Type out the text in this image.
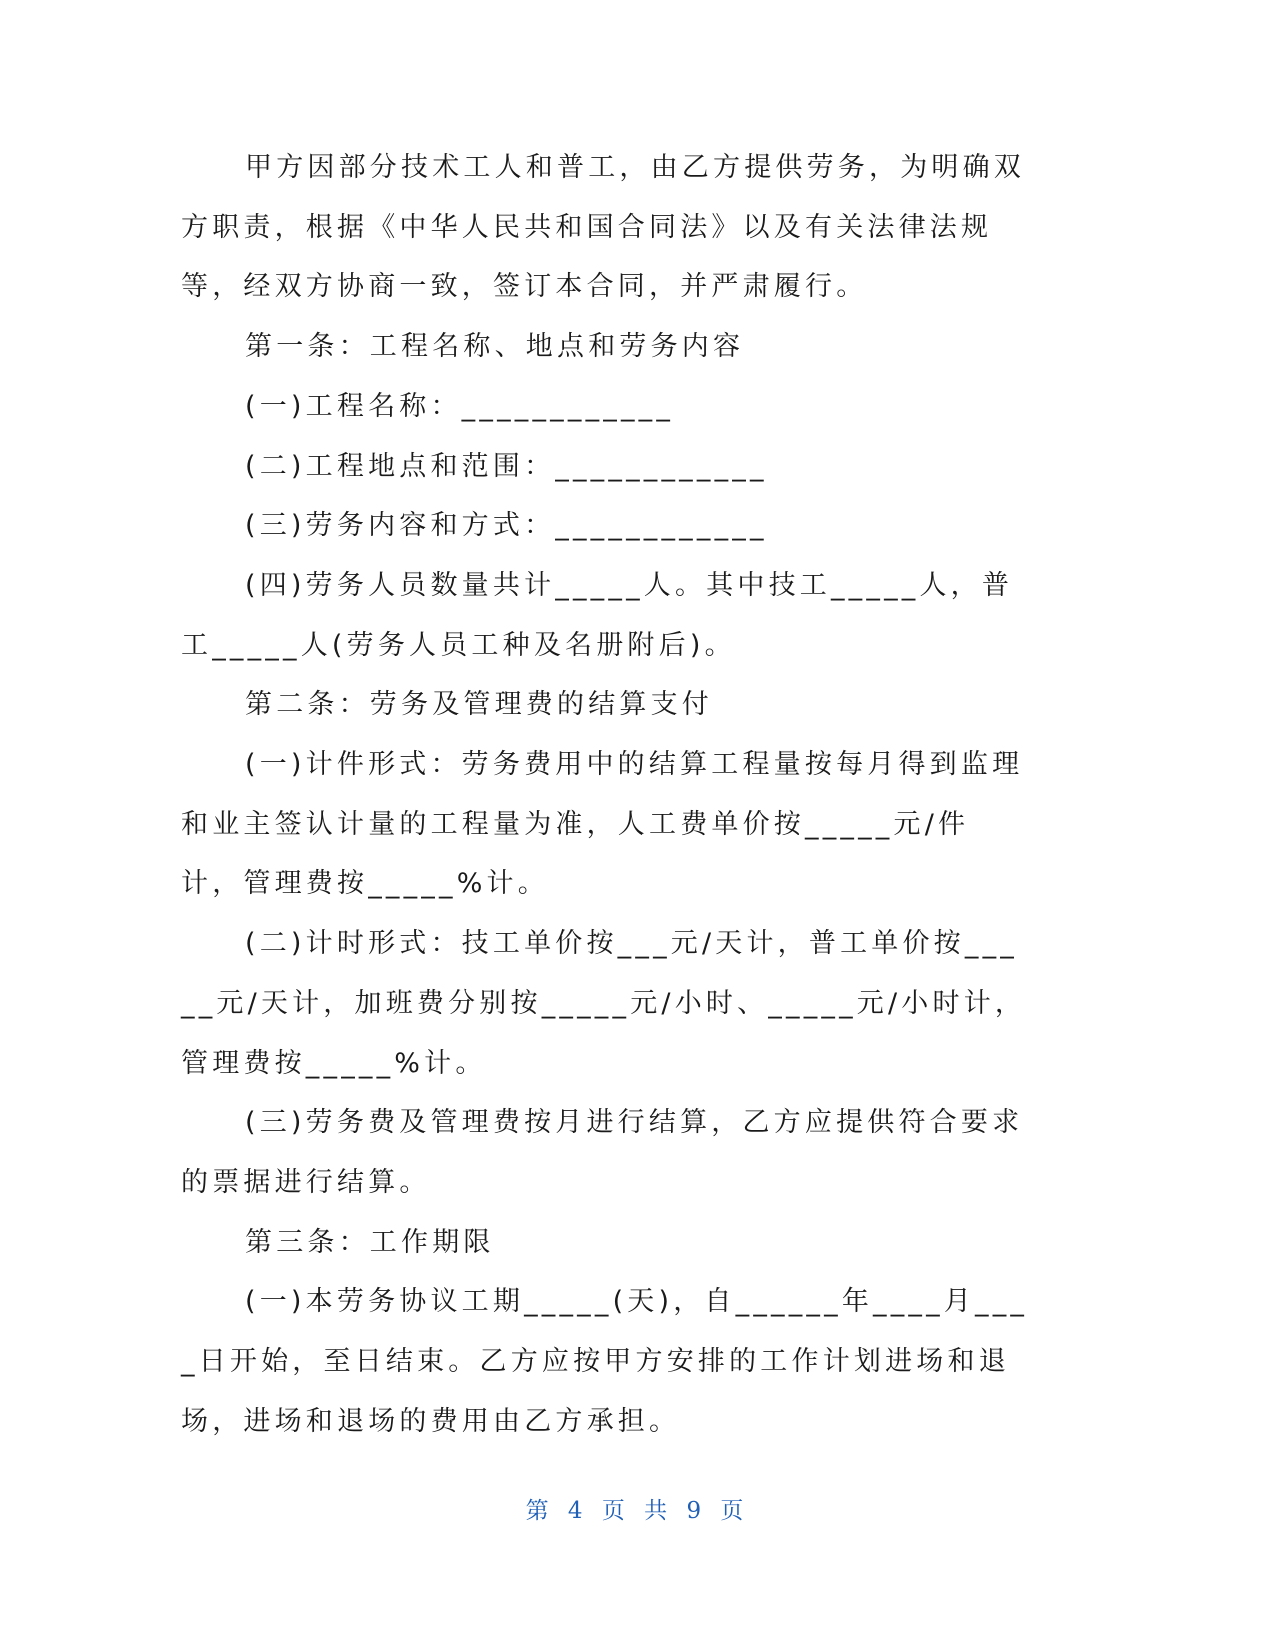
甲方因部分技术工人和普工，由乙方提供劳务，为明确双方职责，根据《中华人民共和国合同法》以及有关法律法规等，经双方协商一致，签订本合同，并严肃履行。

第一条：工程名称、地点和劳务内容

(一)工程名称：____________

(二)工程地点和范围：____________

(三)劳务内容和方式：____________

(四)劳务人员数量共计_____人。其中技工_____人，普工_____人(劳务人员工种及名册附后)。

第二条：劳务及管理费的结算支付

(一)计件形式：劳务费用中的结算工程量按每月得到监理和业主签认计量的工程量为准，人工费单价按_____元/件计，管理费按_____%计。

(二)计时形式：技工单价按___元/天计，普工单价按_____元/天计，加班费分别按_____元/小时、_____元/小时计，管理费按_____%计。

(三)劳务费及管理费按月进行结算，乙方应提供符合要求的票据进行结算。

第三条：工作期限

(一)本劳务协议工期_____(天)，自______年____月____日开始，至日结束。乙方应按甲方安排的工作计划进场和退场，进场和退场的费用由乙方承担。

第 4 页 共 9 页
